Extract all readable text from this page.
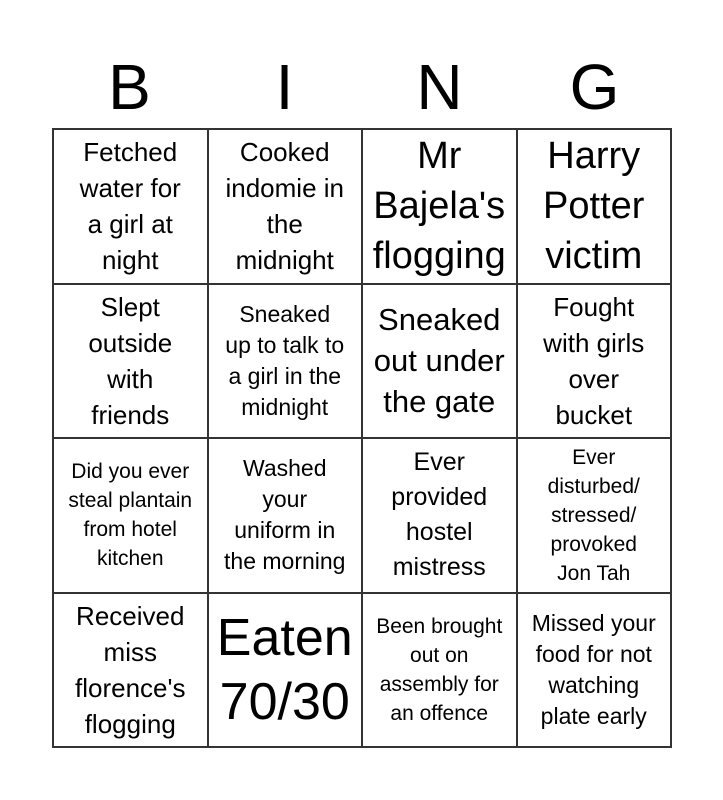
B	I	N	G
Fetched
water for
a girl at
night
Cooked
indomie in
the
midnight
Mr
Bajela's
flogging
Harry
Potter
victim
Slept
outside
with
friends
Sneaked
up to talk to
a girl in the
midnight
Sneaked
out under
the gate
Fought
with girls
over
bucket
Did you ever
steal plantain
from hotel
kitchen
Washed
your
uniform in
the morning
Ever
provided
hostel
mistress
Ever
disturbed/
stressed/
provoked
Jon Tah
Received
miss
florence's
flogging
Eaten
70/30
Been brought
out on
assembly for
an offence
Missed your
food for not
watching
plate early
